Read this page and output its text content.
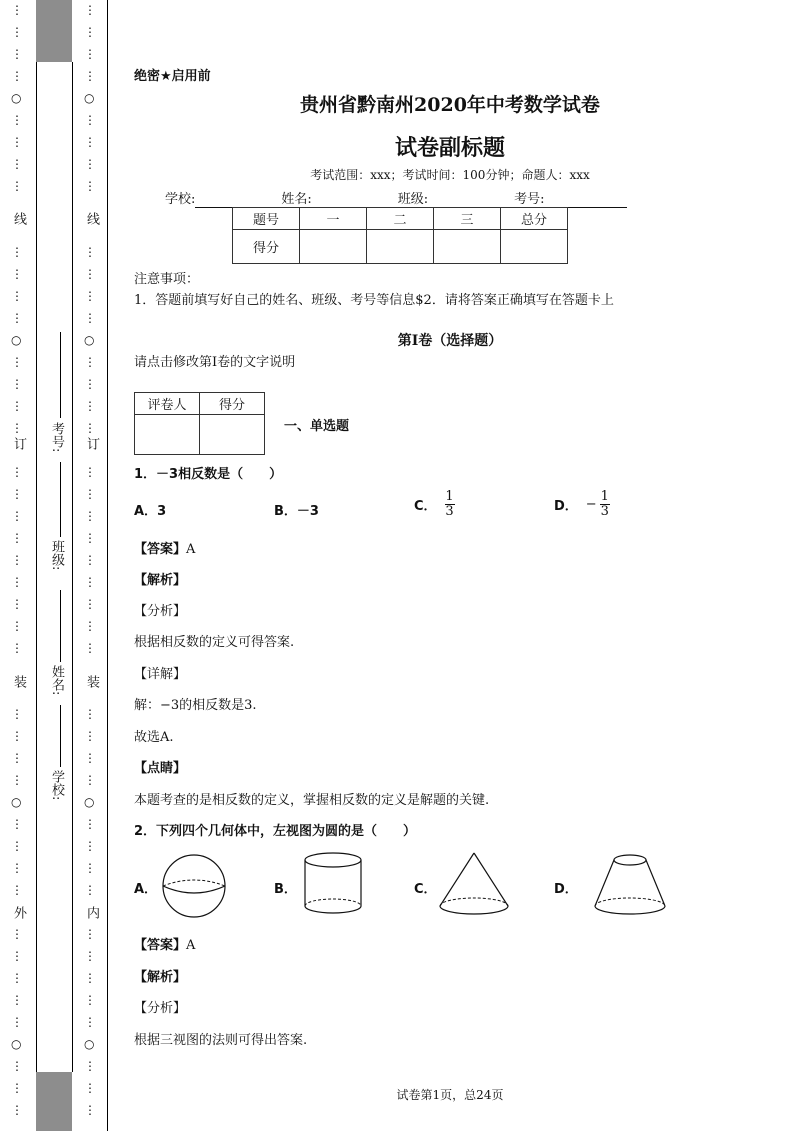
⋮
⋮
⋮
⋮
○
⋮
⋮
⋮
⋮
⋮
⋮
⋮
⋮
○
⋮
⋮
⋮
⋮
⋮
⋮
⋮
⋮
⋮
⋮
⋮
⋮
⋮
⋮
⋮
⋮
⋮
○
⋮
⋮
⋮
⋮
⋮
⋮
⋮
⋮
⋮
○
⋮
⋮
⋮
⋮
⋮
⋮
⋮
○
⋮
⋮
⋮
⋮
⋮
⋮
⋮
⋮
○
⋮
⋮
⋮
⋮
⋮
⋮
⋮
⋮
⋮
⋮
⋮
⋮
⋮
⋮
⋮
⋮
⋮
○
⋮
⋮
⋮
⋮
⋮
⋮
⋮
⋮
⋮
○
⋮
⋮
⋮
线
订
装
外
线
订
装
内
学校:
姓名:
班级:
考号:
绝密★启用前
贵州省黔南州2020年中考数学试卷
试卷副标题
考试范围：xxx；考试时间：100分钟；命题人：xxx
学校:	姓名:	班级:	考号:
题号	一	二	三	总分
得分				
注意事项：
1．答题前填写好自己的姓名、班级、考号等信息$2．请将答案正确填写在答题卡上
第I卷（选择题）
请点击修改第I卷的文字说明
评卷人	得分

一、单选题
1．－3相反数是（　　）
A．3	B．－3	C． $\frac{1}{3}$	D． − $\frac{1}{3}$
【答案】A
【解析】
【分析】
根据相反数的定义可得答案.
【详解】
解：−3的相反数是3.
故选A.
【点睛】
本题考查的是相反数的定义，掌握相反数的定义是解题的关键.
2．下列四个几何体中，左视图为圆的是（　　）
A．	B．	C．	D．
【答案】A
【解析】
【分析】
根据三视图的法则可得出答案.
试卷第1页，总24页
